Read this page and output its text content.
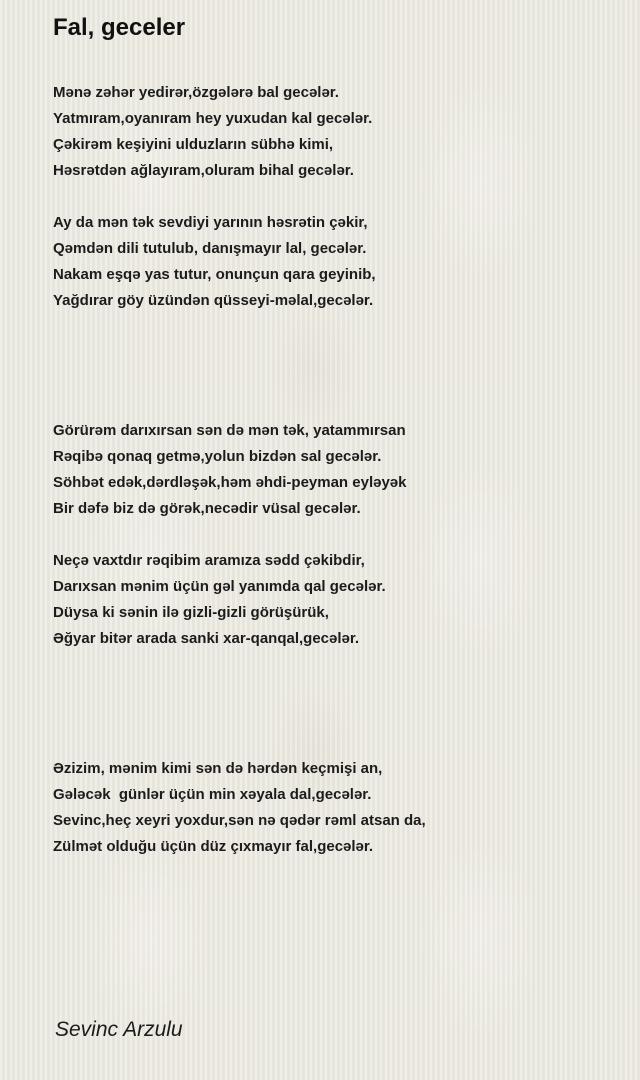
Fal, geceler
Mənə zəhər yedirər,özgələrə bal gecələr.
Yatmıram,oyanıram hey yuxudan kal gecələr.
Çəkirəm keşiyini ulduzların sübhə kimi,
Həsrətdən ağlayıram,oluram bihal gecələr.
Ay da mən tək sevdiyi yarının həsrətin çəkir,
Qəmdən dili tutulub, danışmayır lal, gecələr.
Nakam eşqə yas tutur, onunçun qara geyinib,
Yağdırar göy üzündən qüsseyi-məlal,gecələr.
Görürəm darıxırsan sən də mən tək, yatammırsan
Rəqibə qonaq getmə,yolun bizdən sal gecələr.
Söhbət edək,dərdləşək,həm əhdi-peyman eyləyək
Bir dəfə biz də görək,necədir vüsal gecələr.
Neçə vaxtdır rəqibim aramıza sədd çəkibdir,
Darıxsan mənim üçün gəl yanımda qal gecələr.
Düysa ki sənin ilə gizli-gizli görüşürük,
Əğyar bitər arada sanki xar-qanqal,gecələr.
Əzizim, mənim kimi sən də hərdən keçmişi an,
Gələcək  günlər üçün min xəyala dal,gecələr.
Sevinc,heç xeyri yoxdur,sən nə qədər rəml atsan da,
Zülmət olduğu üçün düz çıxmayır fal,gecələr.

Sevinc Arzulu
